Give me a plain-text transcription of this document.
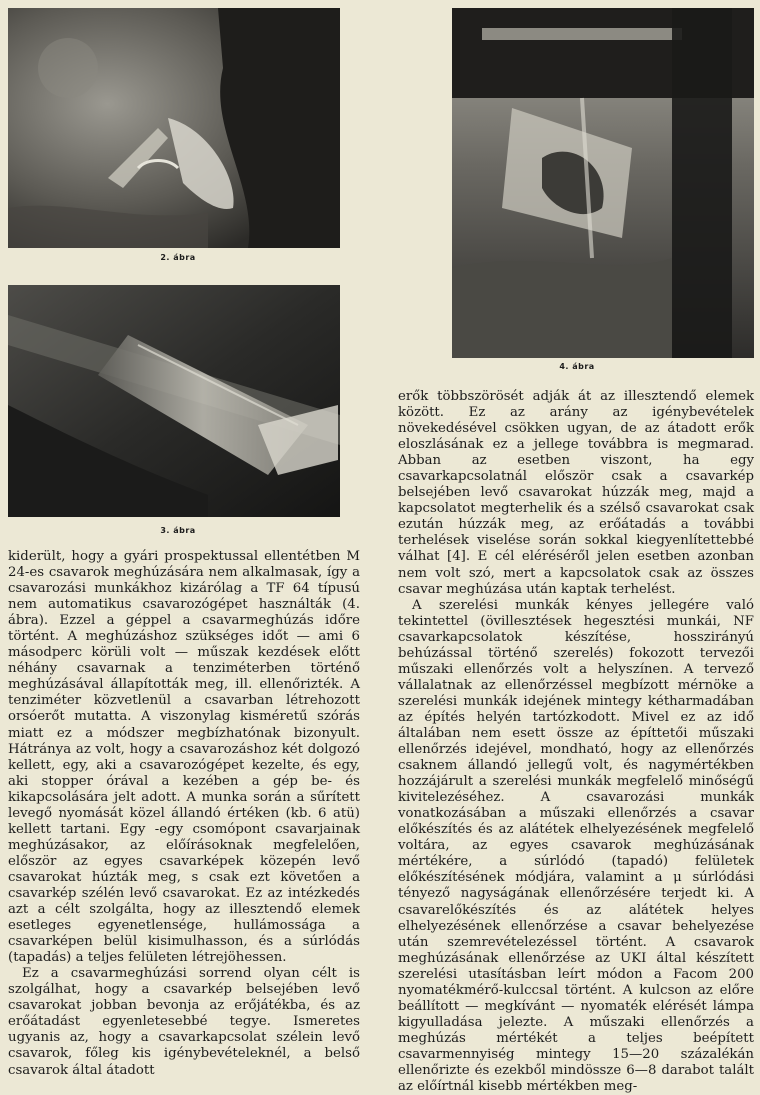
2. ábra
3. ábra
4. ábra

kiderült, hogy a gyári prospektussal ellentétben M 24-es csavarok meghúzására nem alkalmasak, így a csavarozási munkákhoz kizárólag a TF 64 típusú nem automatikus csavarozógépet használták (4. ábra). Ezzel a géppel a csavarmeghúzás időre történt. A meghúzáshoz szükséges időt — ami 6 másodperc körüli volt — műszak kezdések előtt néhány csavarnak a tenziméterben történő meghúzásával állapították meg, ill. ellenőrizték. A tenziméter közvetlenül a csavarban létrehozott orsóerőt mutatta. A viszonylag kisméretű szórás miatt ez a módszer megbízhatónak bizonyult. Hátránya az volt, hogy a csavarozáshoz két dolgozó kellett, egy, aki a csavarozógépet kezelte, és egy, aki stopper órával a kezében a gép be- és kikapcsolására jelt adott. A munka során a sűrített levegő nyomását közel állandó értéken (kb. 6 atü) kellett tartani. Egy -egy csomópont csavarjainak meghúzásakor, az előírásoknak megfelelően, először az egyes csavarképek közepén levő csavarokat húzták meg, s csak ezt követően a csavarkép szélén levő csavarokat. Ez az intézkedés azt a célt szolgálta, hogy az illesztendő elemek esetleges egyenetlensége, hullámossága a csavarképen belül kisimulhasson, és a súrlódás (tapadás) a teljes felületen létrejöhessen.

Ez a csavarmeghúzási sorrend olyan célt is szolgálhat, hogy a csavarkép belsejében levő csavarokat jobban bevonja az erőjátékba, és az erőátadást egyenletesebbé tegye. Ismeretes ugyanis az, hogy a csavarkapcsolat szélein levő csavarok, főleg kis igénybevételeknél, a belső csavarok által átadott

erők többszörösét adják át az illesztendő elemek között. Ez az arány az igénybevételek növekedésével csökken ugyan, de az átadott erők eloszlásának ez a jellege továbbra is megmarad. Abban az esetben viszont, ha egy csavarkapcsolatnál először csak a csavarkép belsejében levő csavarokat húzzák meg, majd a kapcsolatot megterhelik és a szélső csavarokat csak ezután húzzák meg, az erőátadás a további terhelések viselése során sokkal kiegyenlítettebbé válhat [4]. E cél eléréséről jelen esetben azonban nem volt szó, mert a kapcsolatok csak az összes csavar meghúzása után kaptak terhelést.

A szerelési munkák kényes jellegére való tekintettel (övillesztések hegesztési munkái, NF csavarkapcsolatok készítése, hosszirányú behúzással történő szerelés) fokozott tervezői műszaki ellenőrzés volt a helyszínen. A tervező vállalatnak az ellenőrzéssel megbízott mérnöke a szerelési munkák idejének mintegy kétharmadában az építés helyén tartózkodott. Mivel ez az idő általában nem esett össze az építtetői műszaki ellenőrzés idejével, mondható, hogy az ellenőrzés csaknem állandó jellegű volt, és nagymértékben hozzájárult a szerelési munkák megfelelő minőségű kivitelezéséhez. A csavarozási munkák vonatkozásában a műszaki ellenőrzés a csavar előkészítés és az alátétek elhelyezésének megfelelő voltára, az egyes csavarok meghúzásának mértékére, a súrlódó (tapadó) felületek előkészítésének módjára, valamint a μ súrlódási tényező nagyságának ellenőrzésére terjedt ki. A csavarelőkészítés és az alátétek helyes elhelyezésének ellenőrzése a csavar behelyezése után szemrevételezéssel történt. A csavarok meghúzásának ellenőrzése az UKI által készített szerelési utasításban leírt módon a Facom 200 nyomatékmérő-kulccsal történt. A kulcson az előre beállított — megkívánt — nyomaték elérését lámpa kigyulladása jelezte. A műszaki ellenőrzés a meghúzás mértékét a teljes beépített csavarmennyiség mintegy 15—20 százalékán ellenőrizte és ezekből mindössze 6—8 darabot talált az előírtnál kisebb mértékben meg-
